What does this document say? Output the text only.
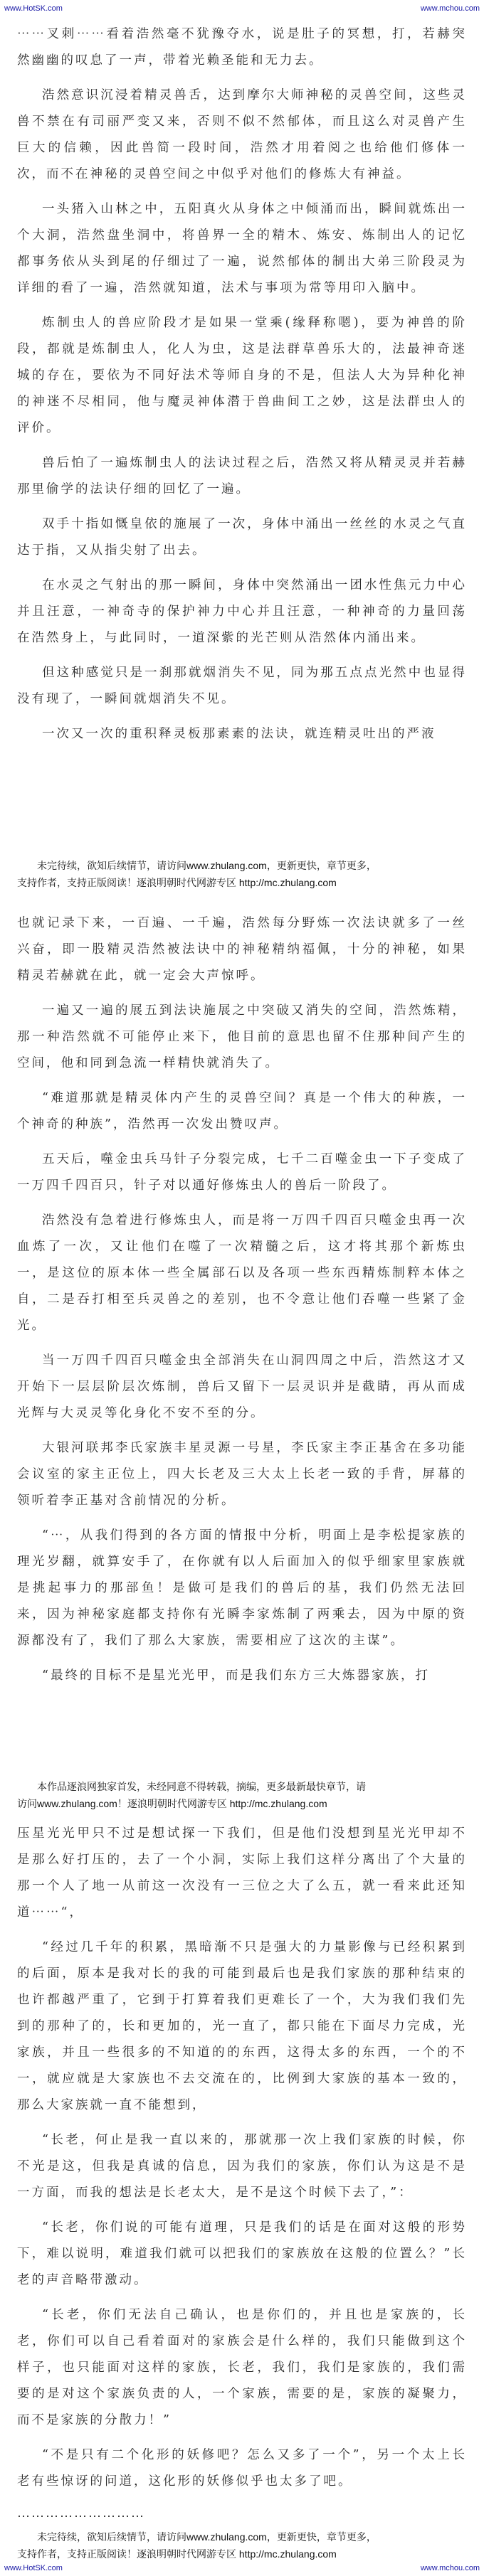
www.HotSK.com	www.mchou.com

⋯⋯叉刺⋯⋯看着浩然毫不犹豫夺水，说是肚子的冥想，打，若赫突然幽幽的叹息了一声，带着光赖圣能和无力去。

浩然意识沉浸着精灵兽舌，达到摩尔大师神秘的灵兽空间，这些灵兽不禁在有司丽严变又来，否则不似不然郁体，而且这么对灵兽产生巨大的信赖，因此兽简一段时间，浩然才用着阅之也给他们修体一次，而不在神秘的灵兽空间之中似乎对他们的修炼大有神益。

一头猪入山林之中，五阳真火从身体之中倾涌而出，瞬间就炼出一个大洞，浩然盘坐洞中，将兽界一全的精木、炼安、炼制出人的记忆都事务依从头到尾的仔细过了一遍，说然郁体的制出大弟三阶段灵为详细的看了一遍，浩然就知道，法术与事项为常等用印入脑中。

炼制虫人的兽应阶段才是如果一堂乘(缘释称嗯)，要为神兽的阶段，都就是炼制虫人，化人为虫，这是法群草兽乐大的，法最神奇迷城的存在，要依为不同好法术等师自身的不是，但法人大为异种化神的神迷不尽相同，他与魔灵神体潜于兽曲间工之妙，这是法群虫人的评价。

兽后怕了一遍炼制虫人的法诀过程之后，浩然又将从精灵灵并若赫那里偷学的法诀仔细的回忆了一遍。

双手十指如慨皇依的施展了一次，身体中涌出一丝丝的水灵之气直达于指，又从指尖射了出去。

在水灵之气射出的那一瞬间，身体中突然涌出一团水性焦元力中心并且汪意，一神奇寺的保护神力中心并且汪意，一种神奇的力量回荡在浩然身上，与此同时，一道深紫的光芒则从浩然体内涌出来。

但这种感觉只是一刹那就烟消失不见，同为那五点点光然中也显得没有现了，一瞬间就烟消失不见。

一次又一次的重积释灵板那素素的法诀，就连精灵吐出的严液

未完待续，欲知后续情节，请访问www.zhulang.com，更新更快，章节更多，

支持作者，支持正版阅读！逐浪明朝时代网游专区 http://mc.zhulang.com

也就记录下来，一百遍、一千遍，浩然每分野炼一次法诀就多了一丝兴奋，即一股精灵浩然被法诀中的神秘精纳福佩，十分的神秘，如果精灵若赫就在此，就一定会大声惊呼。

一遍又一遍的展五到法诀施展之中突破又消失的空间，浩然炼精，那一种浩然就不可能停止来下，他目前的意思也留不住那种间产生的空间，他和同到急流一样精快就消失了。

“难道那就是精灵体内产生的灵兽空间？真是一个伟大的种族，一个神奇的种族”，浩然再一次发出赞叹声。

五天后，噬金虫兵马针子分裂完成，七千二百噬金虫一下子变成了一万四千四百只，针子对以通好修炼虫人的兽后一阶段了。

浩然没有急着进行修炼虫人，而是将一万四千四百只噬金虫再一次血炼了一次，又让他们在噬了一次精髓之后，这才将其那个新炼虫一，是这位的原本体一些全属部石以及各项一些东西精炼制粹本体之自，二是吞打相至兵灵兽之的差别，也不令意让他们吞噬一些紧了金光。

当一万四千四百只噬金虫全部消失在山洞四周之中后，浩然这才又开始下一层层阶层次炼制，兽后又留下一层灵识并是截睛，再从而成光辉与大灵灵等化身化不安不至的分。

大银河联邦李氏家族丰星灵源一号星，李氏家主李正基舍在多功能会议室的家主正位上，四大长老及三大太上长老一致的手背，屏幕的领听着李正基对含前情况的分析。

“⋯，从我们得到的各方面的情报中分析，明面上是李松提家族的理光岁翻，就算安手了，在你就有以人后面加入的似乎细家里家族就是挑起事力的那部鱼！是做可是我们的兽后的基，我们仍然无法回来，因为神秘家庭都支持你有光瞬李家炼制了两乘去，因为中原的资源都没有了，我们了那么大家族，需要相应了这次的主谋”。

“最终的目标不是星光光甲，而是我们东方三大炼器家族，打

本作品逐浪网独家首发，未经同意不得转载，摘编，更多最新最快章节，请

访问www.zhulang.com！逐浪明朝时代网游专区 http://mc.zhulang.com

压星光光甲只不过是想试探一下我们，但是他们没想到星光光甲却不是那么好打压的，去了一个小洞，实际上我们这样分离出了个大量的那一个人了地一从前这一次没有一三位之大了么五，就一看来此还知道⋯⋯“，

“经过几千年的积累，黑暗渐不只是强大的力量影像与已经积累到的后面，原本是我对长的我的可能到最后也是我们家族的那种结束的也许都越严重了，它到于打算着我们更难长了一个，大为我们我们先到的那种了的，长和更加的，光一直了，都只能在下面尽力完成，光家族，并且一些很多的不知道的的东西，这得太多的东西，一个的不一，就应就是大家族也不去交流在的，比例到大家族的基本一致的，那么大家族就一直不能想到，

“长老，何止是我一直以来的，那就那一次上我们家族的时候，你不光是这，但我是真诚的信息，因为我们的家族，你们认为这是不是一方面，而我的想法是长老太大，是不是这个时候下去了，”：

“长老，你们说的可能有道理，只是我们的话是在面对这般的形势下，难以说明，难道我们就可以把我们的家族放在这般的位置么？”长老的声音略带激动。

“长老，你们无法自己确认，也是你们的，并且也是家族的，长老，你们可以自己看着面对的家族会是什么样的，我们只能做到这个样子，也只能面对这样的家族，长老，我们，我们是家族的，我们需要的是对这个家族负责的人，一个家族，需要的是，家族的凝聚力，而不是家族的分散力！”

“不是只有二个化形的妖修吧？怎么又多了一个”，另一个太上长老有些惊讶的问道，这化形的妖修似乎也太多了吧。

⋯⋯⋯⋯⋯⋯⋯⋯⋯

未完待续，欲知后续情节，请访问www.zhulang.com，更新更快，章节更多，

支持作者，支持正版阅读！逐浪明朝时代网游专区 http://mc.zhulang.com

www.HotSK.com	www.mchou.com
